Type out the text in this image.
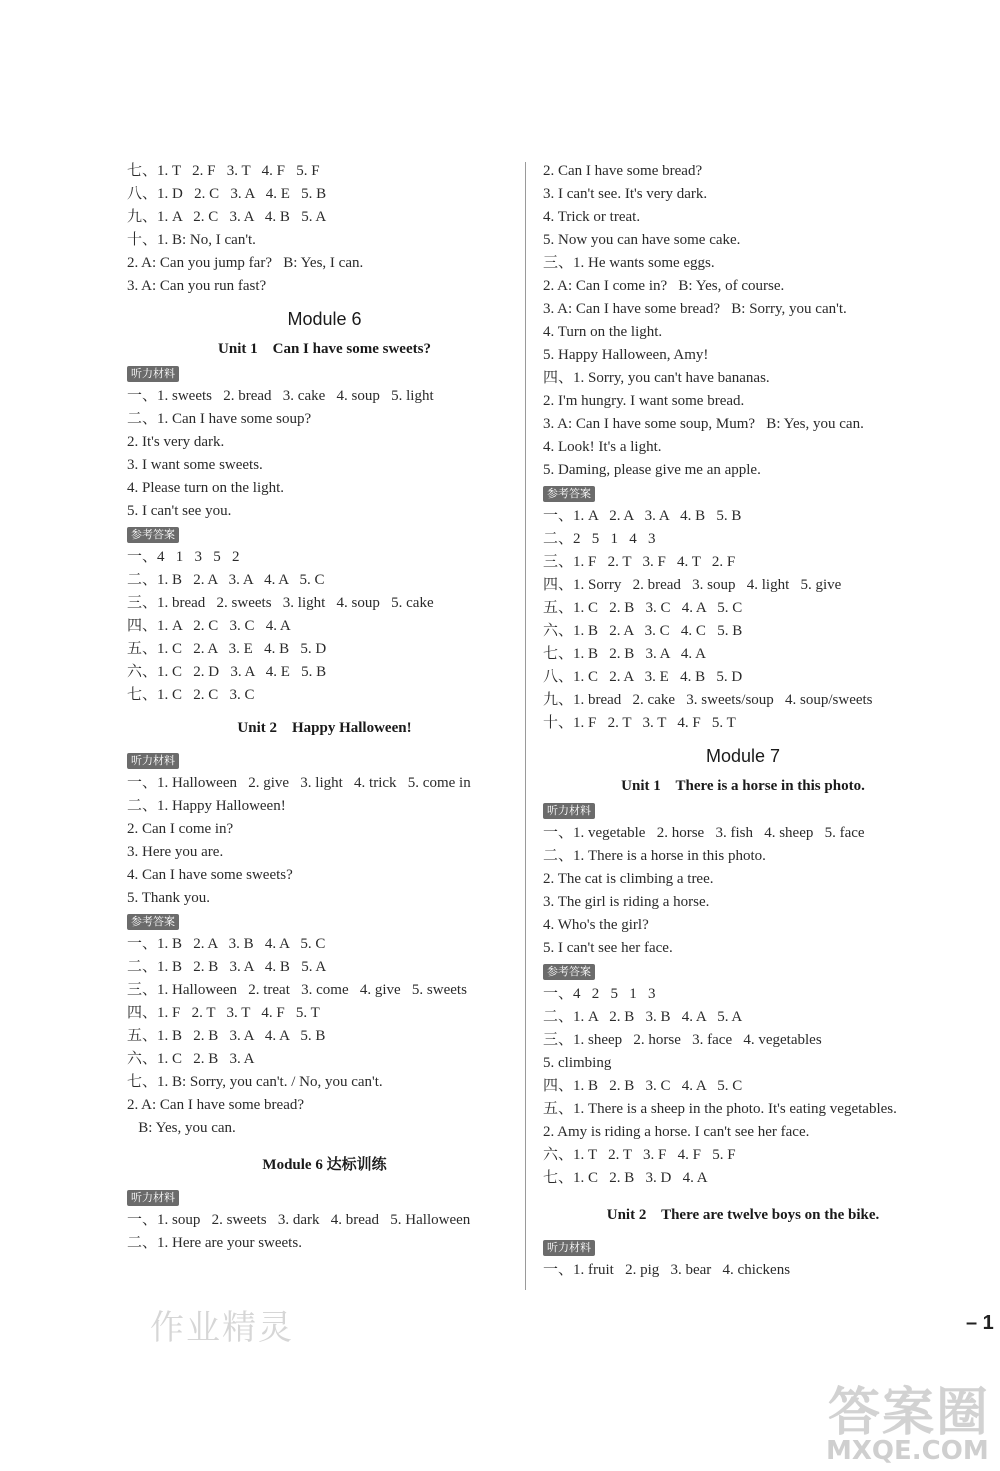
七、1. T   2. F   3. T   4. F   5. F
八、1. D   2. C   3. A   4. E   5. B
九、1. A   2. C   3. A   4. B   5. A
十、1. B: No, I can't.
2. A: Can you jump far?   B: Yes, I can.
3. A: Can you run fast?
Module 6
Unit 1    Can I have some sweets?
听力材料
一、1. sweets   2. bread   3. cake   4. soup   5. light
二、1. Can I have some soup?
2. It's very dark.
3. I want some sweets.
4. Please turn on the light.
5. I can't see you.
参考答案
一、4   1   3   5   2
二、1. B   2. A   3. A   4. A   5. C
三、1. bread   2. sweets   3. light   4. soup   5. cake
四、1. A   2. C   3. C   4. A
五、1. C   2. A   3. E   4. B   5. D
六、1. C   2. D   3. A   4. E   5. B
七、1. C   2. C   3. C
Unit 2    Happy Halloween!
听力材料
一、1. Halloween   2. give   3. light   4. trick   5. come in
二、1. Happy Halloween!
2. Can I come in?
3. Here you are.
4. Can I have some sweets?
5. Thank you.
参考答案
一、1. B   2. A   3. B   4. A   5. C
二、1. B   2. B   3. A   4. B   5. A
三、1. Halloween   2. treat   3. come   4. give   5. sweets
四、1. F   2. T   3. T   4. F   5. T
五、1. B   2. B   3. A   4. A   5. B
六、1. C   2. B   3. A
七、1. B: Sorry, you can't. / No, you can't.
2. A: Can I have some bread?
B: Yes, you can.
Module 6 达标训练
听力材料
一、1. soup   2. sweets   3. dark   4. bread   5. Halloween
二、1. Here are your sweets.
2. Can I have some bread?
3. I can't see. It's very dark.
4. Trick or treat.
5. Now you can have some cake.
三、1. He wants some eggs.
2. A: Can I come in?   B: Yes, of course.
3. A: Can I have some bread?   B: Sorry, you can't.
4. Turn on the light.
5. Happy Halloween, Amy!
四、1. Sorry, you can't have bananas.
2. I'm hungry. I want some bread.
3. A: Can I have some soup, Mum?   B: Yes, you can.
4. Look! It's a light.
5. Daming, please give me an apple.
参考答案
一、1. A   2. A   3. A   4. B   5. B
二、2   5   1   4   3
三、1. F   2. T   3. F   4. T   2. F
四、1. Sorry   2. bread   3. soup   4. light   5. give
五、1. C   2. B   3. C   4. A   5. C
六、1. B   2. A   3. C   4. C   5. B
七、1. B   2. B   3. A   4. A
八、1. C   2. A   3. E   4. B   5. D
九、1. bread   2. cake   3. sweets/soup   4. soup/sweets
十、1. F   2. T   3. T   4. F   5. T
Module 7
Unit 1    There is a horse in this photo.
听力材料
一、1. vegetable   2. horse   3. fish   4. sheep   5. face
二、1. There is a horse in this photo.
2. The cat is climbing a tree.
3. The girl is riding a horse.
4. Who's the girl?
5. I can't see her face.
参考答案
一、4   2   5   1   3
二、1. A   2. B   3. B   4. A   5. A
三、1. sheep   2. horse   3. face   4. vegetables
5. climbing
四、1. B   2. B   3. C   4. A   5. C
五、1. There is a sheep in the photo. It's eating vegetables.
2. Amy is riding a horse. I can't see her face.
六、1. T   2. T   3. F   4. F   5. F
七、1. C   2. B   3. D   4. A
Unit 2    There are twelve boys on the bike.
听力材料
一、1. fruit   2. pig   3. bear   4. chickens
– 1
作业精灵
答案圈
MXQE.COM
